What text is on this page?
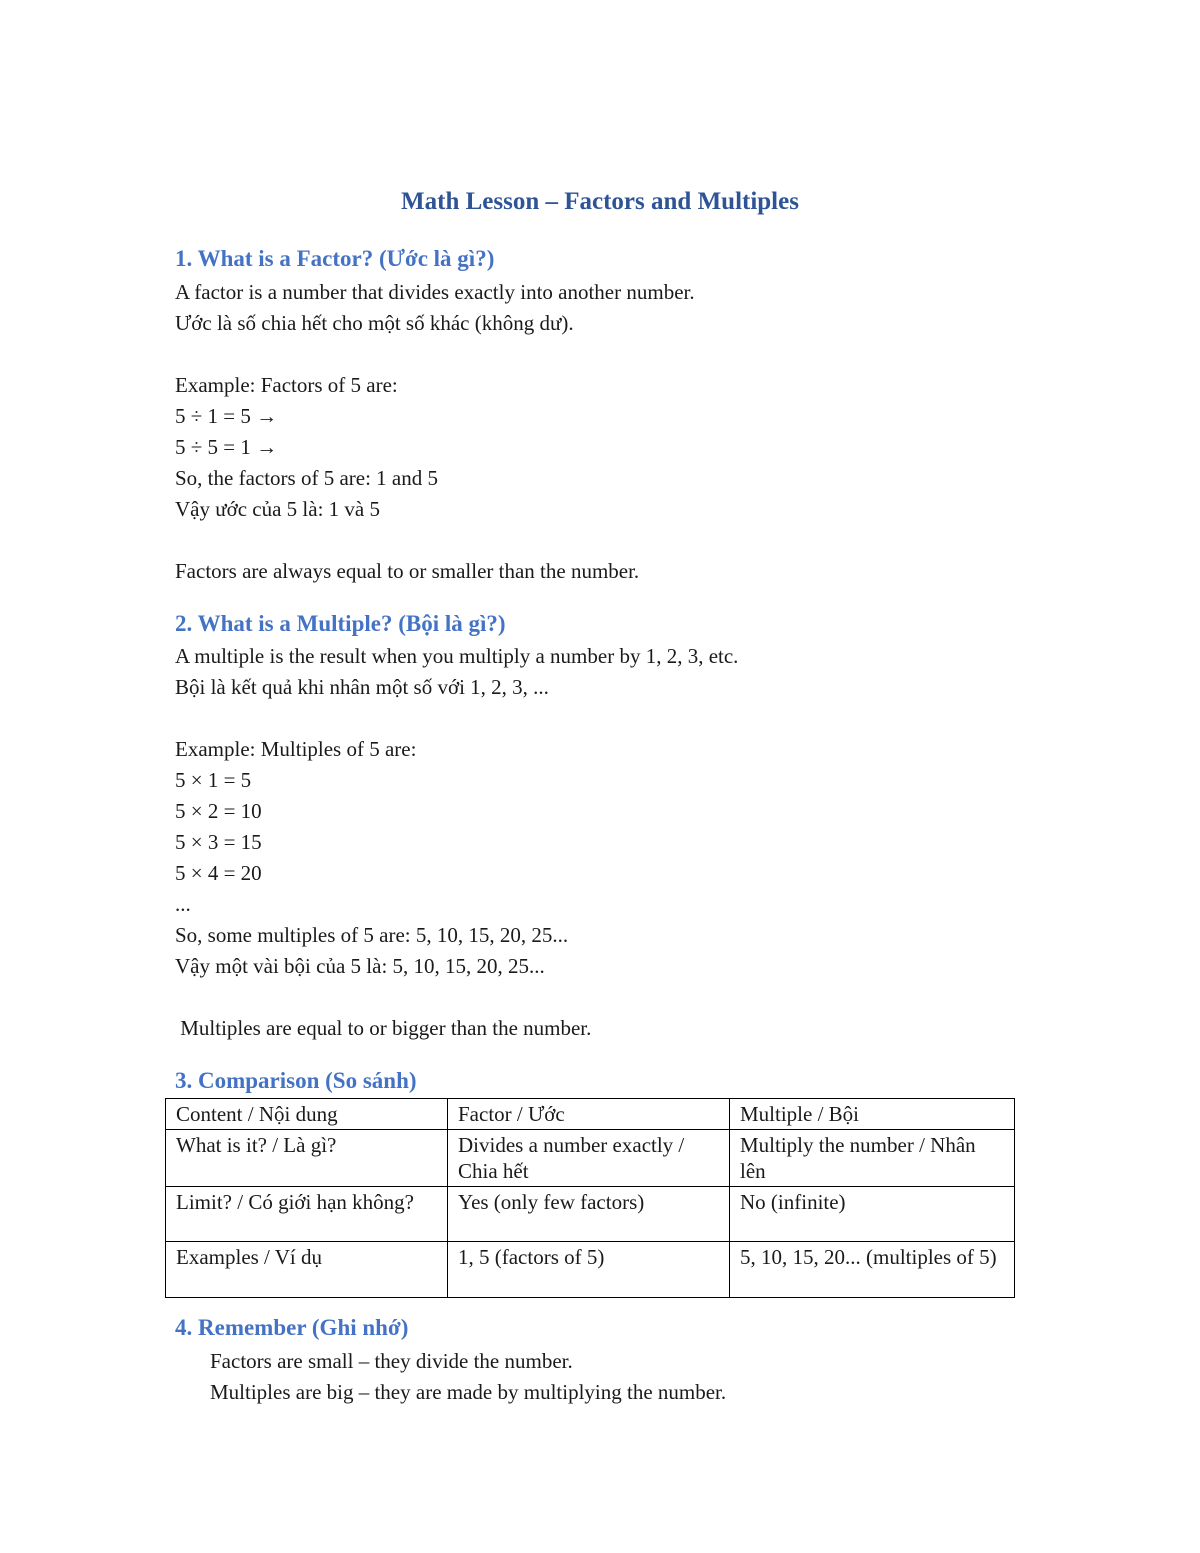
Math Lesson – Factors and Multiples
1. What is a Factor? (Ước là gì?)
A factor is a number that divides exactly into another number.
Ước là số chia hết cho một số khác (không dư).
Example: Factors of 5 are:
5 ÷ 1 = 5 →
5 ÷ 5 = 1 →
So, the factors of 5 are: 1 and 5
Vậy ước của 5 là: 1 và 5
Factors are always equal to or smaller than the number.
2. What is a Multiple? (Bội là gì?)
A multiple is the result when you multiply a number by 1, 2, 3, etc.
Bội là kết quả khi nhân một số với 1, 2, 3, ...
Example: Multiples of 5 are:
5 × 1 = 5
5 × 2 = 10
5 × 3 = 15
5 × 4 = 20
...
So, some multiples of 5 are: 5, 10, 15, 20, 25...
Vậy một vài bội của 5 là: 5, 10, 15, 20, 25...
Multiples are equal to or bigger than the number.
3. Comparison (So sánh)
Content / Nội dung	Factor / Ước	Multiple / Bội
What is it? / Là gì?	Divides a number exactly / Chia hết	Multiply the number / Nhân lên
Limit? / Có giới hạn không?	Yes (only few factors)	No (infinite)
Examples / Ví dụ	1, 5 (factors of 5)	5, 10, 15, 20... (multiples of 5)
4. Remember (Ghi nhớ)
Factors are small – they divide the number.
Multiples are big – they are made by multiplying the number.
